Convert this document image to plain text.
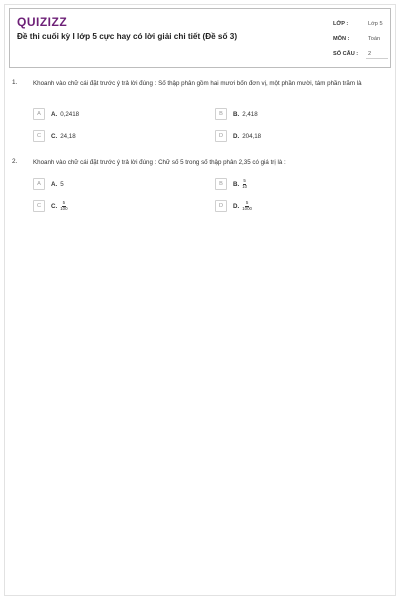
QUIZIZZ
Đề thi cuối kỳ I lớp 5 cực hay có lời giải chi tiết (Đề số 3)
LỚP :	Lớp 5
MÔN :	Toán
SỐ CÂU :	2
1.	Khoanh vào chữ cái đặt trước ý trả lời đúng : Số thập phân gồm hai mươi bốn đơn vị, một phần mười, tám phần trăm là
A	A. 0,2418	B	B. 2,418
C	C. 24,18	D	D. 204,18
2.	Khoanh vào chữ cái đặt trước ý trả lời đúng : Chữ số 5 trong số thập phân 2,35 có giá trị là :
A	A. 5	B	B. $\frac{5}{10}$
C	C. $\frac{5}{100}$	D	D. $\frac{5}{1000}$
